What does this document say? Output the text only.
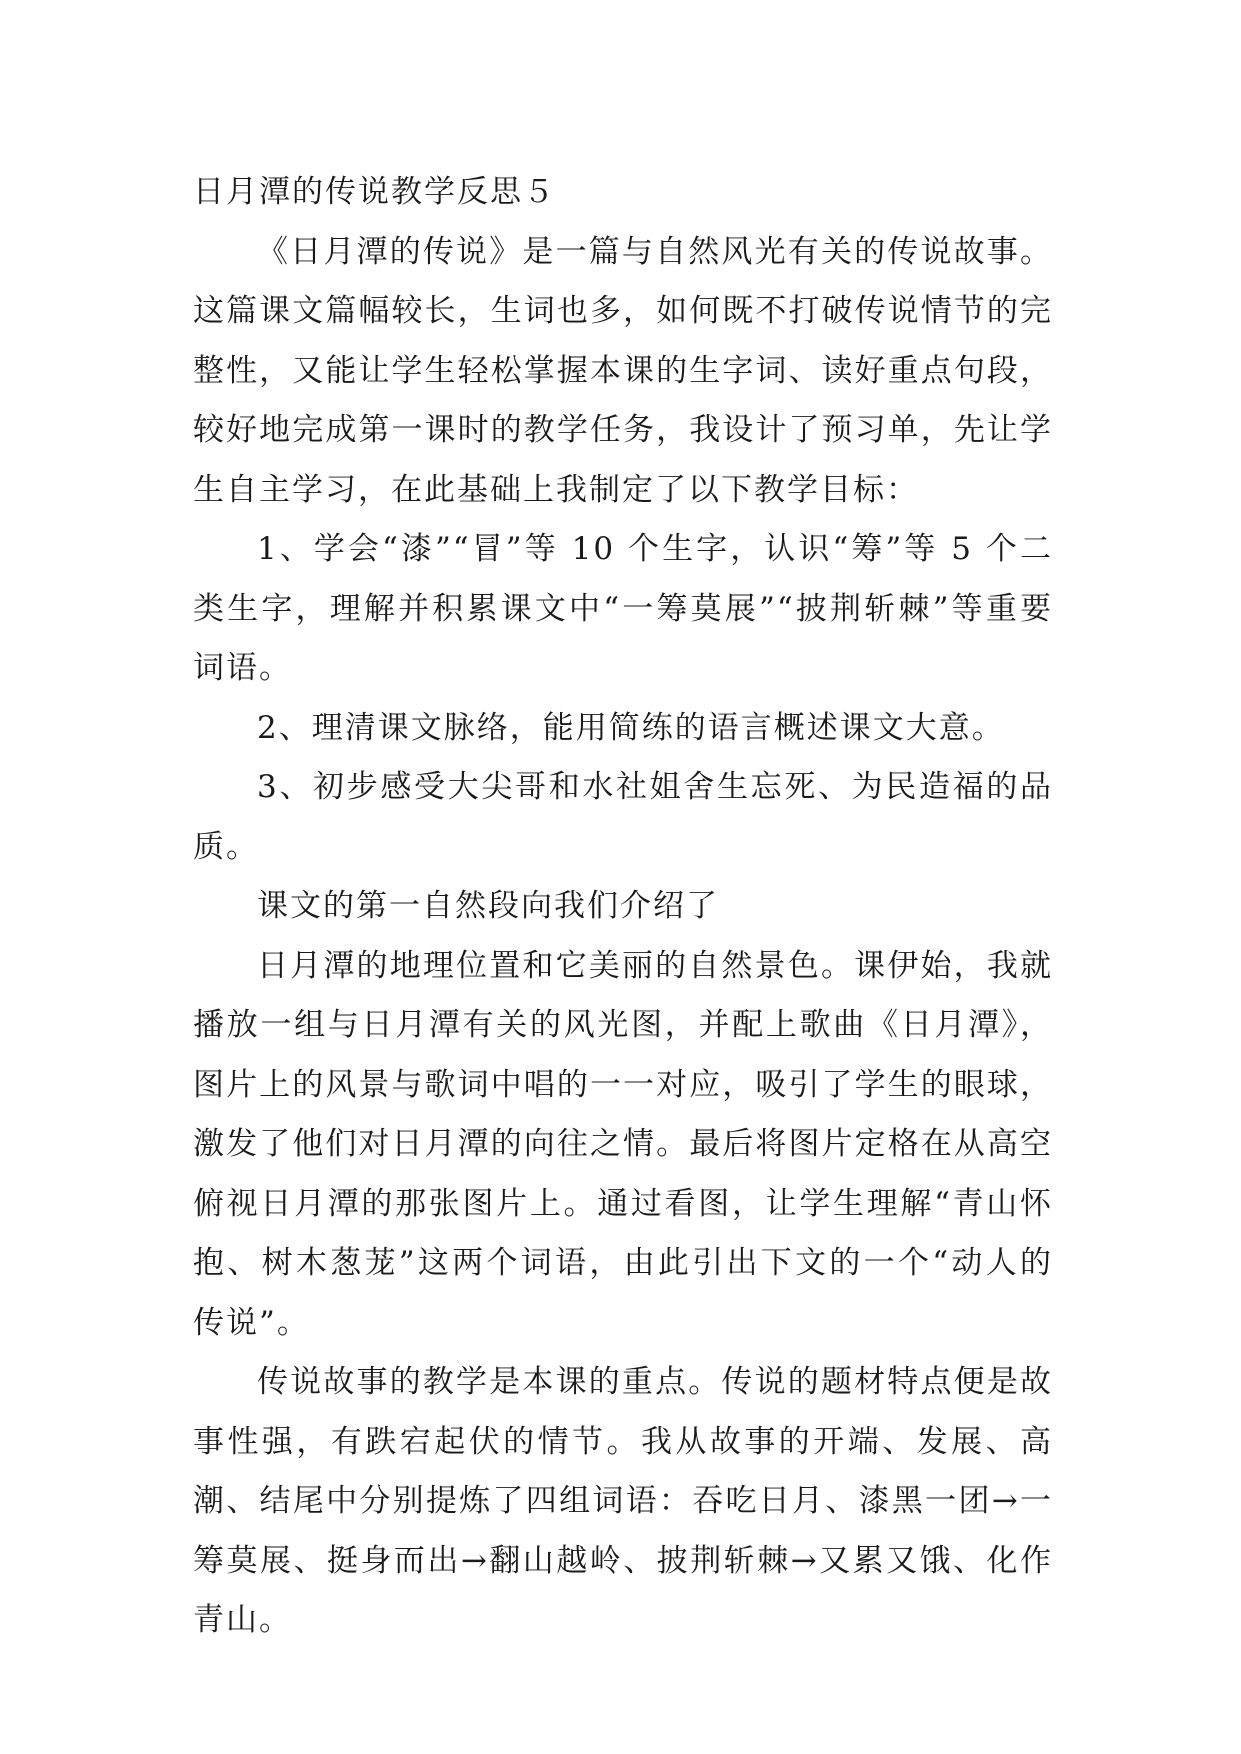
日月潭的传说教学反思５

《日月潭的传说》是一篇与自然风光有关的传说故事。这篇课文篇幅较长，生词也多，如何既不打破传说情节的完整性，又能让学生轻松掌握本课的生字词、读好重点句段，较好地完成第一课时的教学任务，我设计了预习单，先让学生自主学习，在此基础上我制定了以下教学目标：

1、学会“漆”“冒”等 10 个生字，认识“筹”等 5 个二类生字，理解并积累课文中“一筹莫展”“披荆斩棘”等重要词语。

2、理清课文脉络，能用简练的语言概述课文大意。

3、初步感受大尖哥和水社姐舍生忘死、为民造福的品质。

课文的第一自然段向我们介绍了

日月潭的地理位置和它美丽的自然景色。课伊始，我就播放一组与日月潭有关的风光图，并配上歌曲《日月潭》，图片上的风景与歌词中唱的一一对应，吸引了学生的眼球，激发了他们对日月潭的向往之情。最后将图片定格在从高空俯视日月潭的那张图片上。通过看图，让学生理解“青山怀抱、树木葱茏”这两个词语，由此引出下文的一个“动人的传说”。

传说故事的教学是本课的重点。传说的题材特点便是故事性强，有跌宕起伏的情节。我从故事的开端、发展、高潮、结尾中分别提炼了四组词语：吞吃日月、漆黑一团→一筹莫展、挺身而出→翻山越岭、披荆斩棘→又累又饿、化作青山。
